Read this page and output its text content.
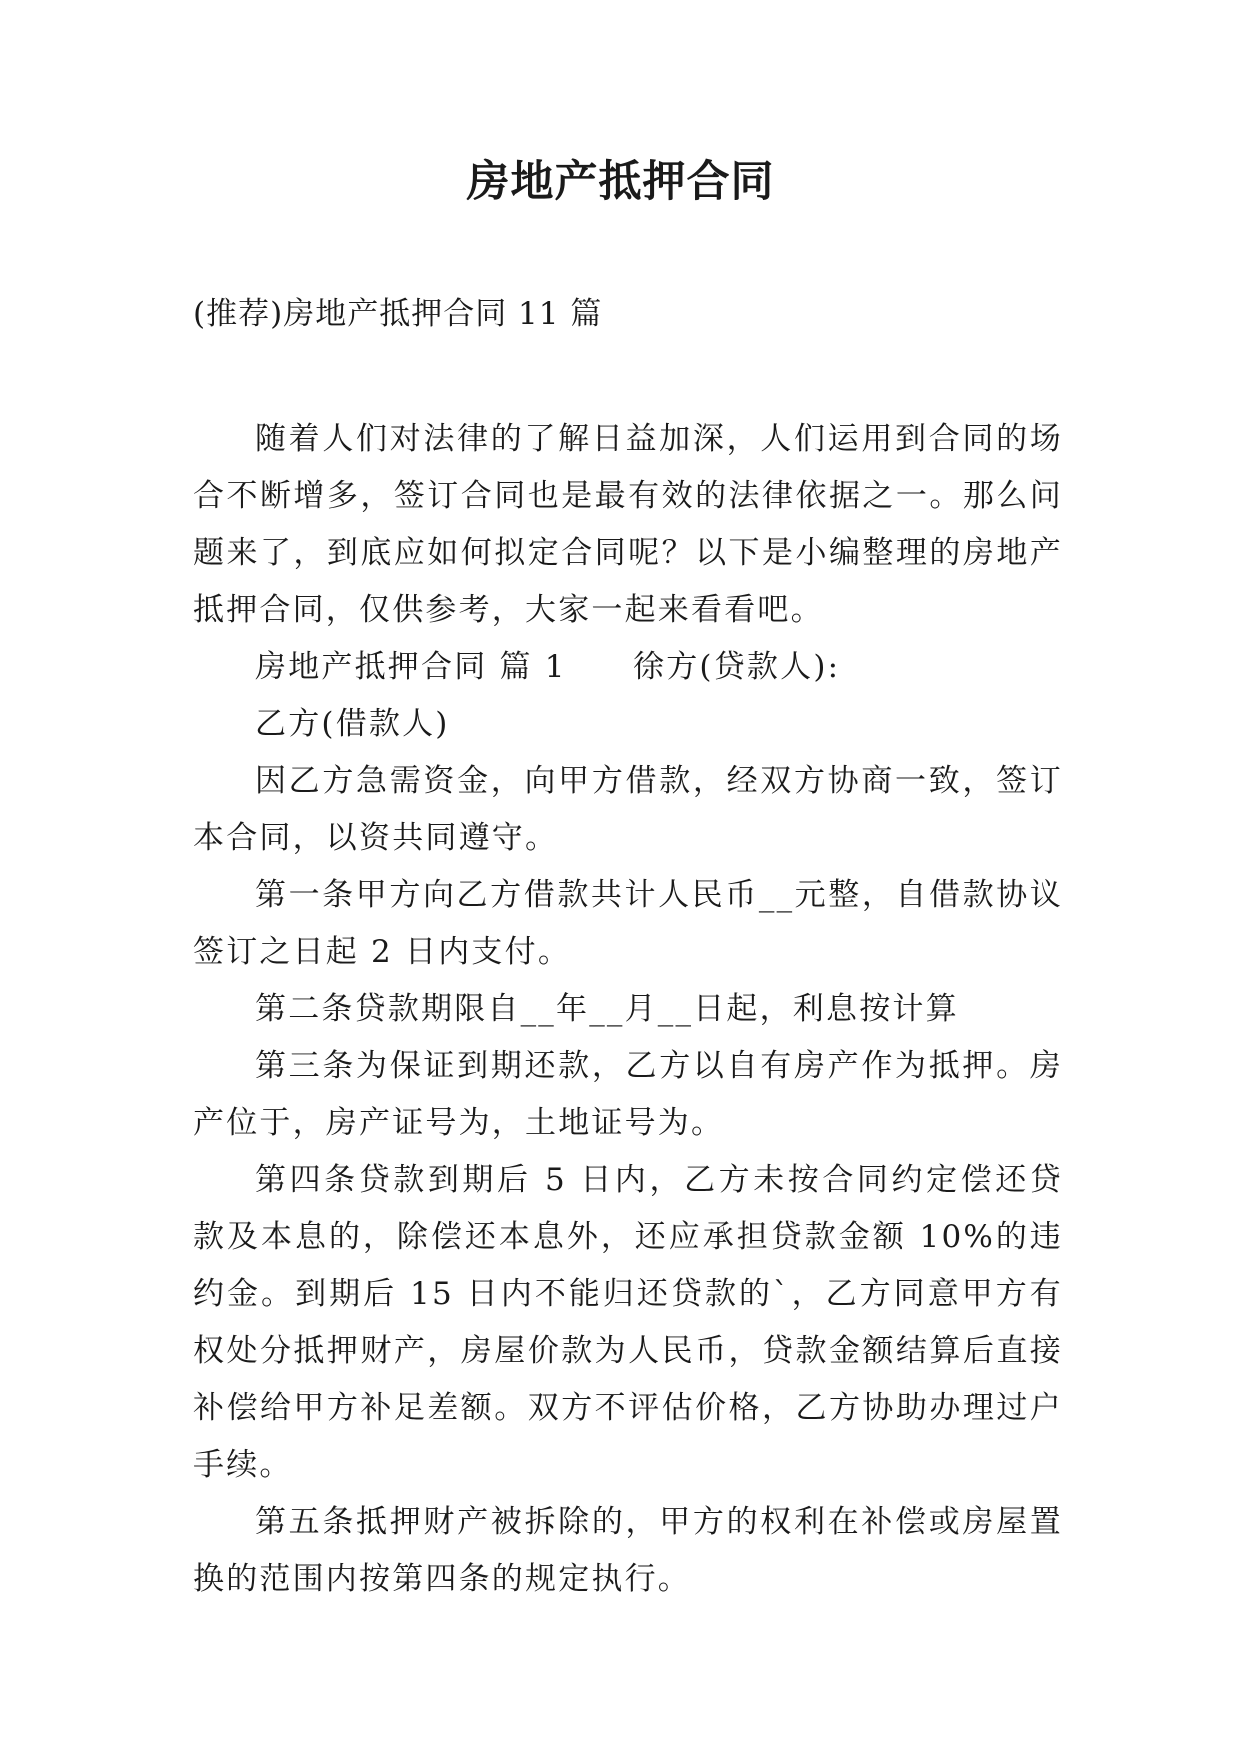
房地产抵押合同
(推荐)房地产抵押合同 11 篇

随着人们对法律的了解日益加深，人们运用到合同的场合不断增多，签订合同也是最有效的法律依据之一。那么问题来了，到底应如何拟定合同呢？以下是小编整理的房地产抵押合同，仅供参考，大家一起来看看吧。

房地产抵押合同 篇 1　　徐方(贷款人):

乙方(借款人)

因乙方急需资金，向甲方借款，经双方协商一致，签订本合同，以资共同遵守。

第一条甲方向乙方借款共计人民币__元整，自借款协议签订之日起 2 日内支付。

第二条贷款期限自__年__月__日起，利息按计算

第三条为保证到期还款，乙方以自有房产作为抵押。房产位于，房产证号为，土地证号为。

第四条贷款到期后 5 日内，乙方未按合同约定偿还贷款及本息的，除偿还本息外，还应承担贷款金额 10%的违约金。到期后 15 日内不能归还贷款的`，乙方同意甲方有权处分抵押财产，房屋价款为人民币，贷款金额结算后直接补偿给甲方补足差额。双方不评估价格，乙方协助办理过户手续。

第五条抵押财产被拆除的，甲方的权利在补偿或房屋置换的范围内按第四条的规定执行。
